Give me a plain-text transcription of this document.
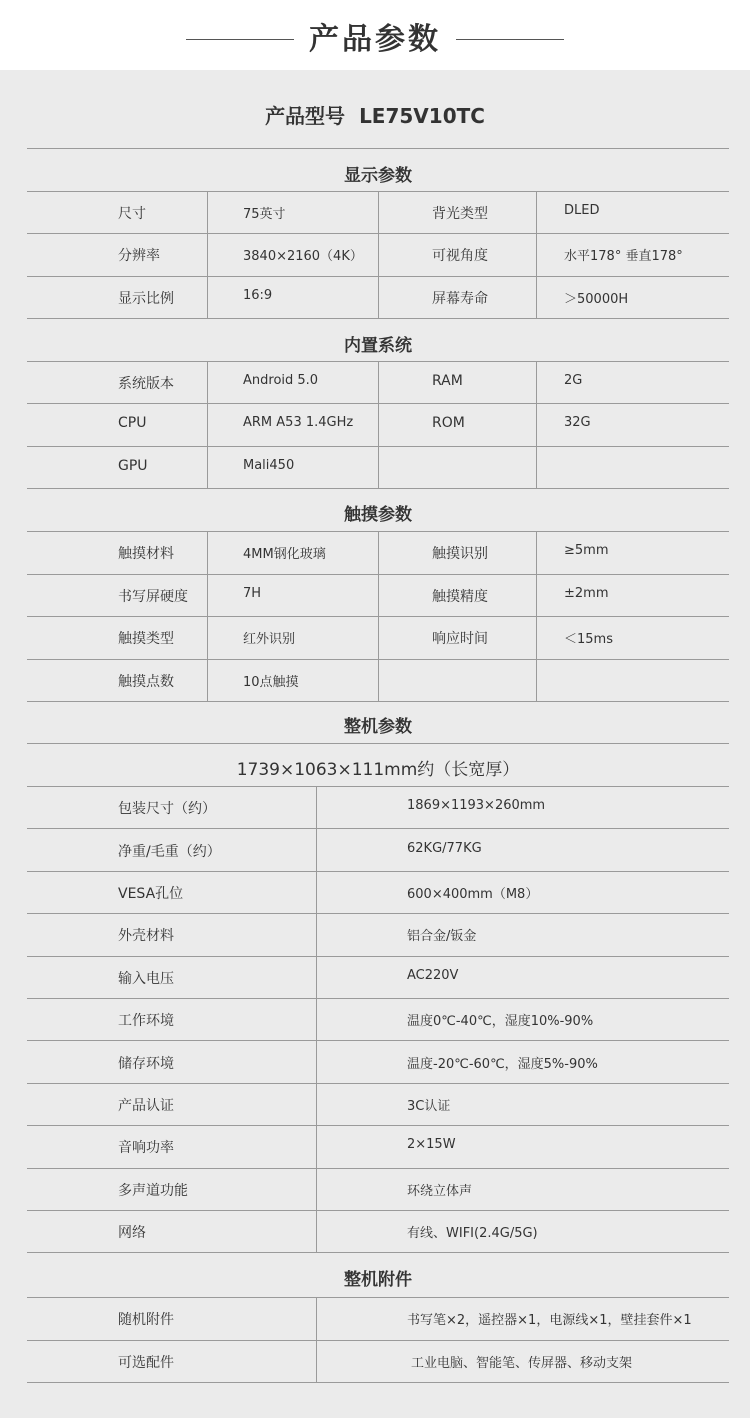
产品参数
产品型号 LE75V10TC
显示参数
尺寸	75英寸	背光类型	DLED
分辨率	3840×2160（4K）	可视角度	水平178° 垂直178°
显示比例	16:9	屏幕寿命	＞50000H
内置系统
系统版本	Android 5.0	RAM	2G
CPU	ARM A53 1.4GHz	ROM	32G
GPU	Mali450
触摸参数
触摸材料	4MM钢化玻璃	触摸识别	≥5mm
书写屏硬度	7H	触摸精度	±2mm
触摸类型	红外识别	响应时间	＜15ms
触摸点数	10点触摸
整机参数
1739×1063×111mm约（长宽厚）
包装尺寸（约）	1869×1193×260mm
净重/毛重（约）	62KG/77KG
VESA孔位	600×400mm（M8）
外壳材料	铝合金/钣金
输入电压	AC220V
工作环境	温度0℃-40℃，湿度10%-90%
储存环境	温度-20℃-60℃，湿度5%-90%
产品认证	3C认证
音响功率	2×15W
多声道功能	环绕立体声
网络	有线、WIFI(2.4G/5G)
整机附件
随机附件	书写笔×2，遥控器×1，电源线×1，壁挂套件×1
可选配件	工业电脑、智能笔、传屏器、移动支架
